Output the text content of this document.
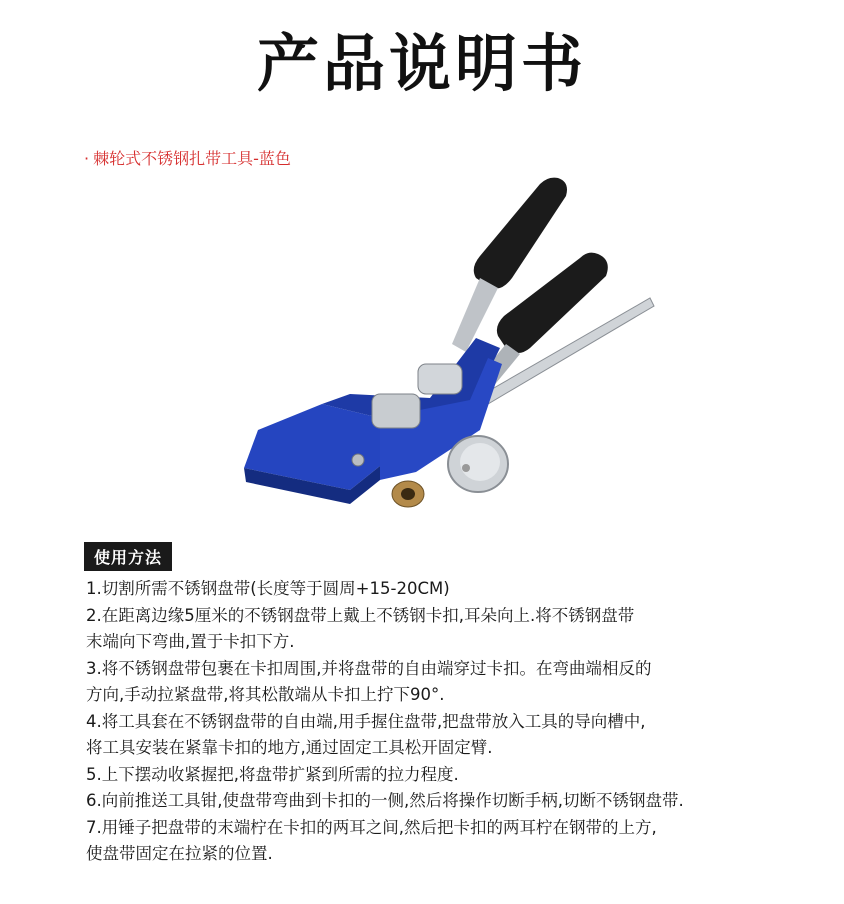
产品说明书
· 棘轮式不锈钢扎带工具-蓝色
使用方法
1.切割所需不锈钢盘带(长度等于圆周+15-20CM)
2.在距离边缘5厘米的不锈钢盘带上戴上不锈钢卡扣,耳朵向上.将不锈钢盘带
末端向下弯曲,置于卡扣下方.
3.将不锈钢盘带包裹在卡扣周围,并将盘带的自由端穿过卡扣。在弯曲端相反的
方向,手动拉紧盘带,将其松散端从卡扣上拧下90°.
4.将工具套在不锈钢盘带的自由端,用手握住盘带,把盘带放入工具的导向槽中,
将工具安装在紧靠卡扣的地方,通过固定工具松开固定臂.
5.上下摆动收紧握把,将盘带扩紧到所需的拉力程度.
6.向前推送工具钳,使盘带弯曲到卡扣的一侧,然后将操作切断手柄,切断不锈钢盘带.
7.用锤子把盘带的末端柠在卡扣的两耳之间,然后把卡扣的两耳柠在钢带的上方,
使盘带固定在拉紧的位置.
